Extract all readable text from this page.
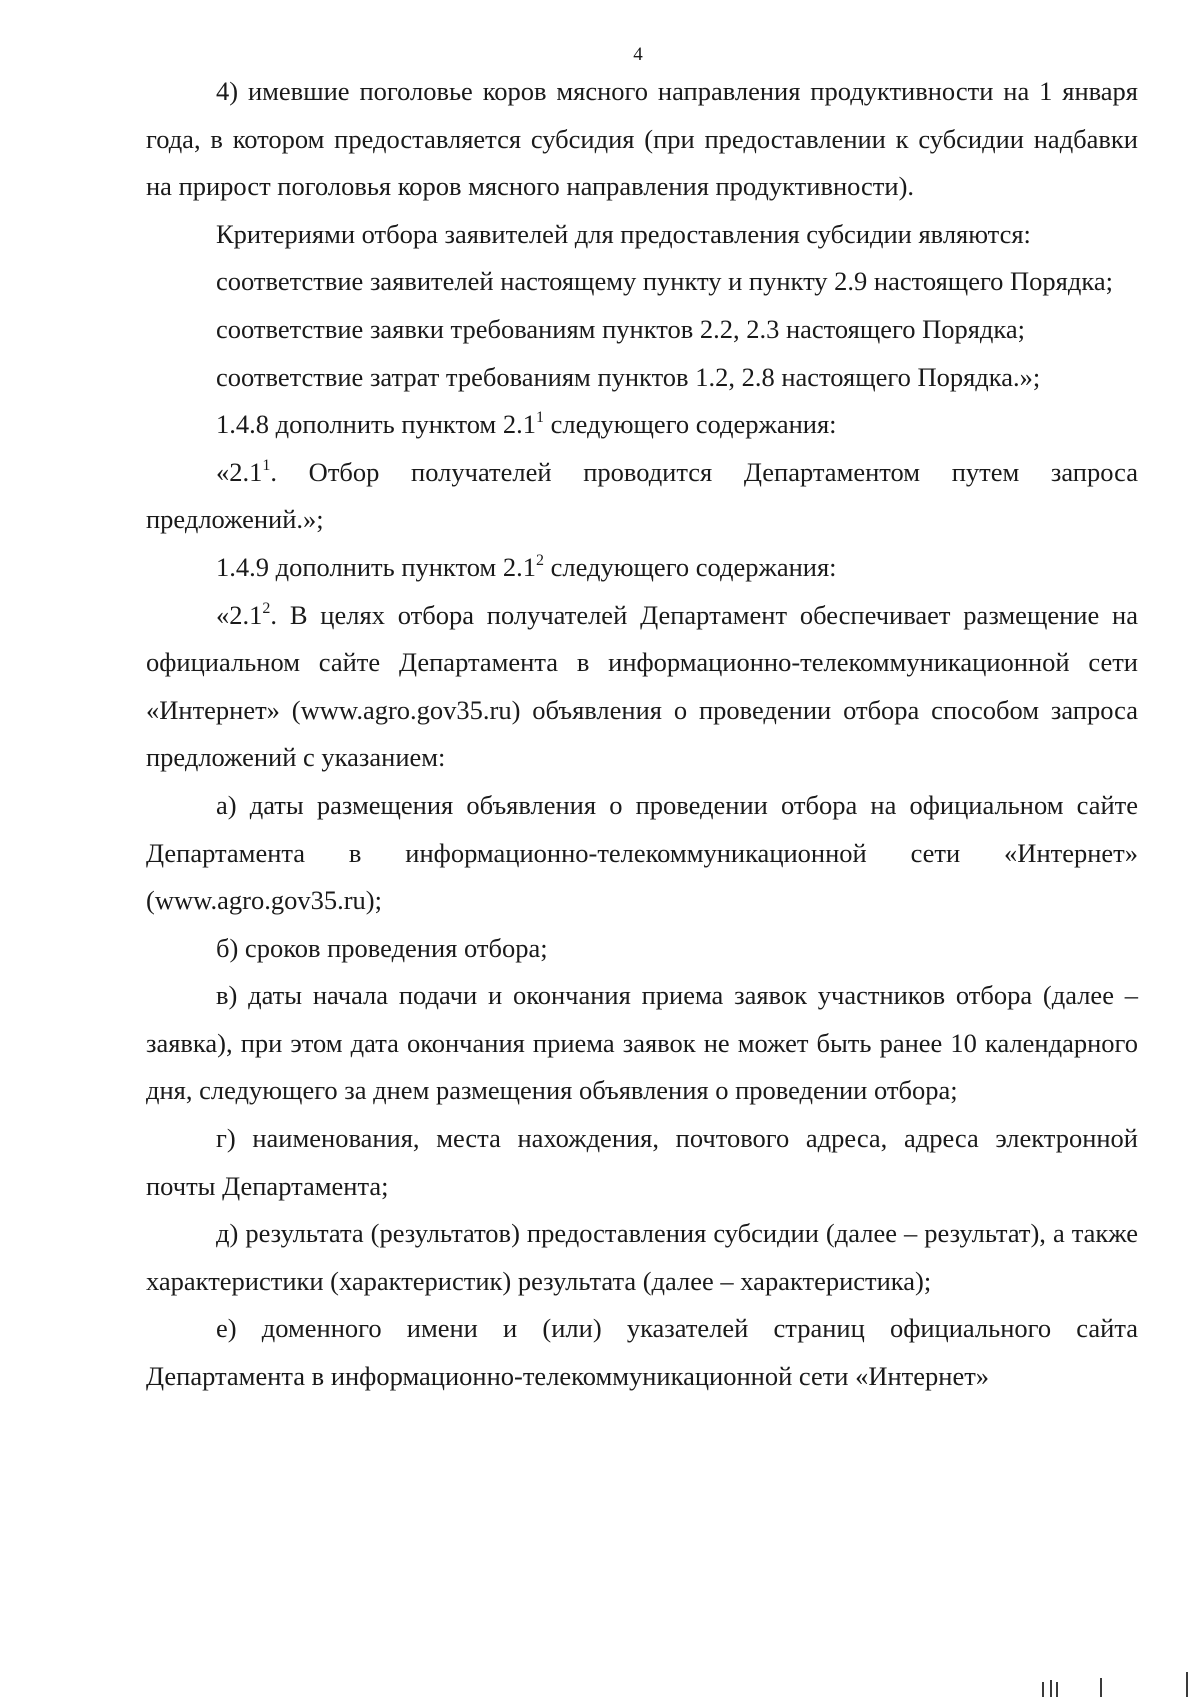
4

4) имевшие поголовье коров мясного направления продуктивности на 1 января года, в котором предоставляется субсидия (при предоставлении к субсидии надбавки на прирост поголовья коров мясного направления продуктивности).

Критериями отбора заявителей для предоставления субсидии являются:

соответствие заявителей настоящему пункту и пункту 2.9 настоящего Порядка;

соответствие заявки требованиям пунктов 2.2, 2.3 настоящего Порядка;

соответствие затрат требованиям пунктов 1.2, 2.8 настоящего Порядка.»;

1.4.8 дополнить пунктом $2.1^1$ следующего содержания:

«$2.1^1$. Отбор получателей проводится Департаментом путем запроса предложений.»;

1.4.9 дополнить пунктом $2.1^2$ следующего содержания:

«$2.1^2$. В целях отбора получателей Департамент обеспечивает размещение на официальном сайте Департамента в информационно-телекоммуникационной сети «Интернет» (www.agro.gov35.ru) объявления о проведении отбора способом запроса предложений с указанием:

а) даты размещения объявления о проведении отбора на официальном сайте Департамента в информационно-телекоммуникационной сети «Интернет» (www.agro.gov35.ru);

б) сроков проведения отбора;

в) даты начала подачи и окончания приема заявок участников отбора (далее – заявка), при этом дата окончания приема заявок не может быть ранее 10 календарного дня, следующего за днем размещения объявления о проведении отбора;

г) наименования, места нахождения, почтового адреса, адреса электронной почты Департамента;

д) результата (результатов) предоставления субсидии (далее – результат), а также характеристики (характеристик) результата (далее – характеристика);

е) доменного имени и (или) указателей страниц официального сайта Департамента в информационно-телекоммуникационной сети «Интернет»
